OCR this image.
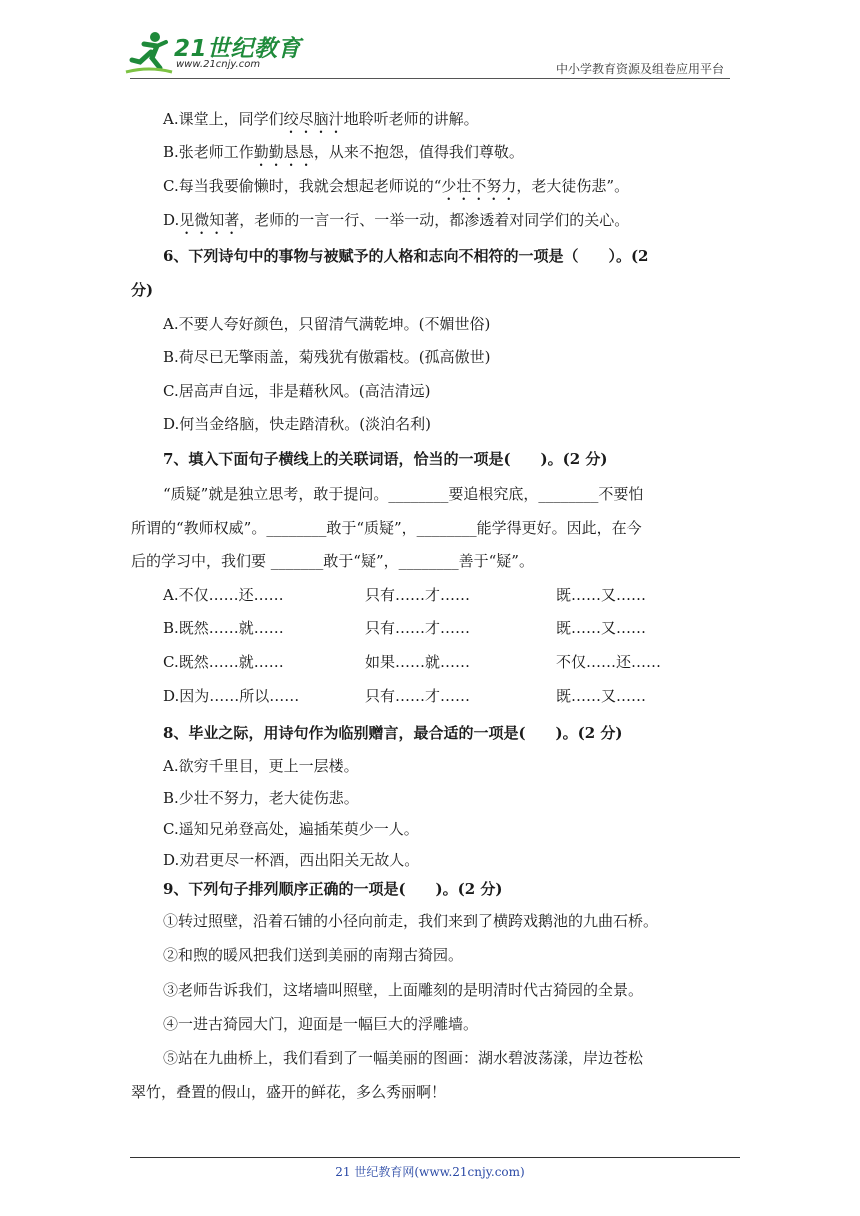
21世纪教育
www.21cnjy.com	中小学教育资源及组卷应用平台
A.课堂上，同学们绞尽脑汁地聆听老师的讲解。
B.张老师工作勤勤恳恳，从来不抱怨，值得我们尊敬。
C.每当我要偷懒时，我就会想起老师说的“少壮不努力，老大徒伤悲”。
D.见微知著，老师的一言一行、一举一动，都渗透着对同学们的关心。
6、下列诗句中的事物与被赋予的人格和志向不相符的一项是（　　）。(2
分)
A.不要人夸好颜色，只留清气满乾坤。(不媚世俗)
B.荷尽已无擎雨盖，菊残犹有傲霜枝。(孤高傲世)
C.居高声自远，非是藉秋风。(高洁清远)
D.何当金络脑，快走踏清秋。(淡泊名利)
7、填入下面句子横线上的关联词语，恰当的一项是(　　)。(2 分)
“质疑”就是独立思考，敢于提问。________要追根究底，________不要怕
所谓的“教师权威”。________敢于“质疑”，________能学得更好。因此，在今
后的学习中，我们要 _______敢于“疑”，________善于“疑”。
A.不仅……还……	只有……才……	既……又……
B.既然……就……	只有……才……	既……又……
C.既然……就……	如果……就……	不仅……还……
D.因为……所以……	只有……才……	既……又……
8、毕业之际，用诗句作为临别赠言，最合适的一项是(　　)。(2 分)
A.欲穷千里目，更上一层楼。
B.少壮不努力，老大徒伤悲。
C.遥知兄弟登高处，遍插茱萸少一人。
D.劝君更尽一杯酒，西出阳关无故人。
9、下列句子排列顺序正确的一项是(　　)。(2 分)
①转过照壁，沿着石铺的小径向前走，我们来到了横跨戏鹅池的九曲石桥。
②和煦的暖风把我们送到美丽的南翔古猗园。
③老师告诉我们，这堵墙叫照壁，上面雕刻的是明清时代古猗园的全景。
④一进古猗园大门，迎面是一幅巨大的浮雕墙。
⑤站在九曲桥上，我们看到了一幅美丽的图画：湖水碧波荡漾，岸边苍松
翠竹，叠置的假山，盛开的鲜花，多么秀丽啊！
21 世纪教育网(www.21cnjy.com)
